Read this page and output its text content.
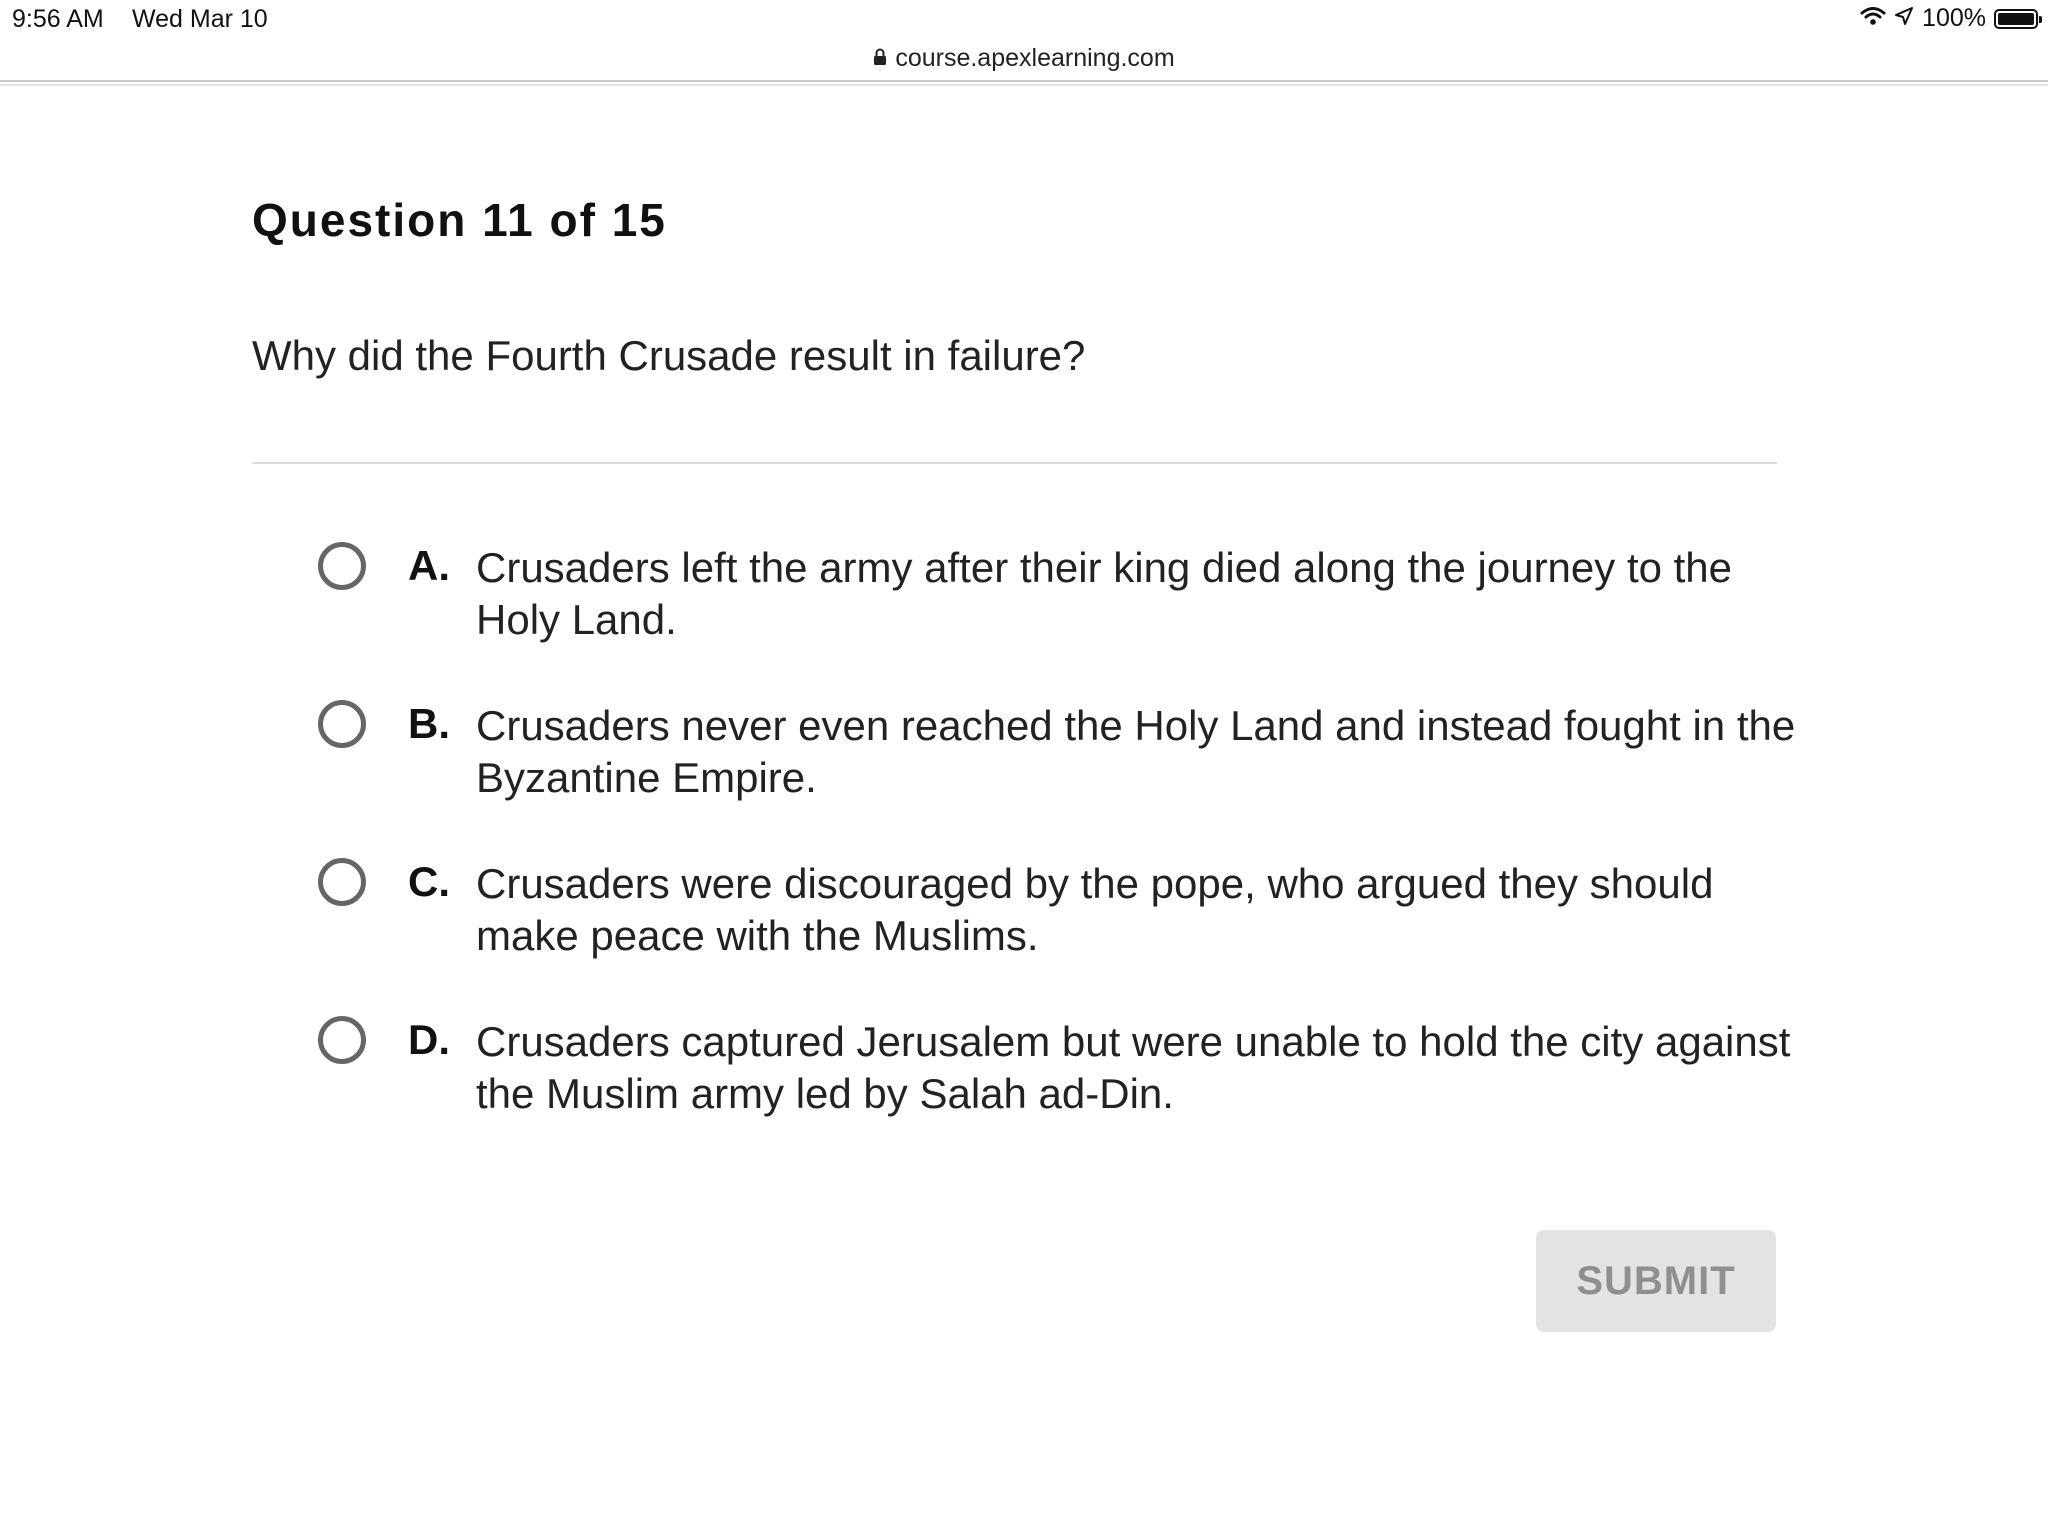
9:56 AM Wed Mar 10	100%
course.apexlearning.com
Question 11 of 15
Why did the Fourth Crusade result in failure?
A. Crusaders left the army after their king died along the journey to the Holy Land.
B. Crusaders never even reached the Holy Land and instead fought in the Byzantine Empire.
C. Crusaders were discouraged by the pope, who argued they should make peace with the Muslims.
D. Crusaders captured Jerusalem but were unable to hold the city against the Muslim army led by Salah ad-Din.
SUBMIT
